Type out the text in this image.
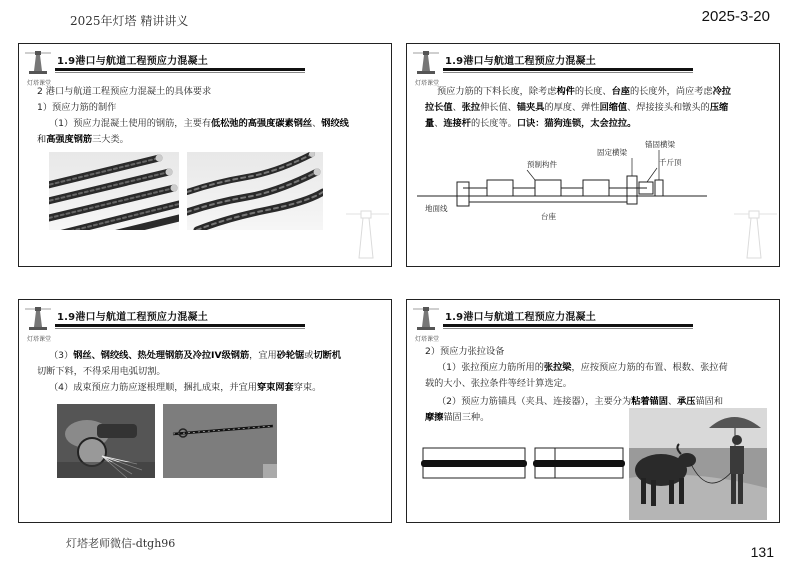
2025年灯塔 精讲讲义	2025-3-20
灯塔课堂
1.9港口与航道工程预应力混凝土
2 港口与航道工程预应力混凝土的具体要求
1）预应力筋的制作
（1）预应力混凝土使用的钢筋，主要有低松弛的高强度碳素钢丝、钢绞线
和高强度钢筋三大类。
灯塔课堂
1.9港口与航道工程预应力混凝土
预应力筋的下料长度，除考虑构件的长度、台座的长度外，尚应考虑冷拉
拉长值、张拉伸长值、锚夹具的厚度、弹性回缩值、焊接接头和镦头的压缩
量、连接杆的长度等。口诀：猫狗连锁，太会拉拉。
固定横梁
锚固横梁
千斤顶
预制构件
地面线
台座
灯塔课堂
1.9港口与航道工程预应力混凝土
（3）钢丝、钢绞线、热处理钢筋及冷拉IV级钢筋，宜用砂轮锯或切断机
切断下料，不得采用电弧切割。
（4）成束预应力筋应逐根理顺，捆扎成束，并宜用穿束网套穿束。
灯塔课堂
1.9港口与航道工程预应力混凝土
2）预应力张拉设备
（1）张拉预应力筋所用的张拉梁，应按预应力筋的布置、根数、张拉荷
载的大小、张拉条件等经计算选定。
（2）预应力筋锚具（夹具、连接器），主要分为粘着锚固、承压锚固和
摩擦锚固三种。
灯塔老师微信-dtgh96
131
